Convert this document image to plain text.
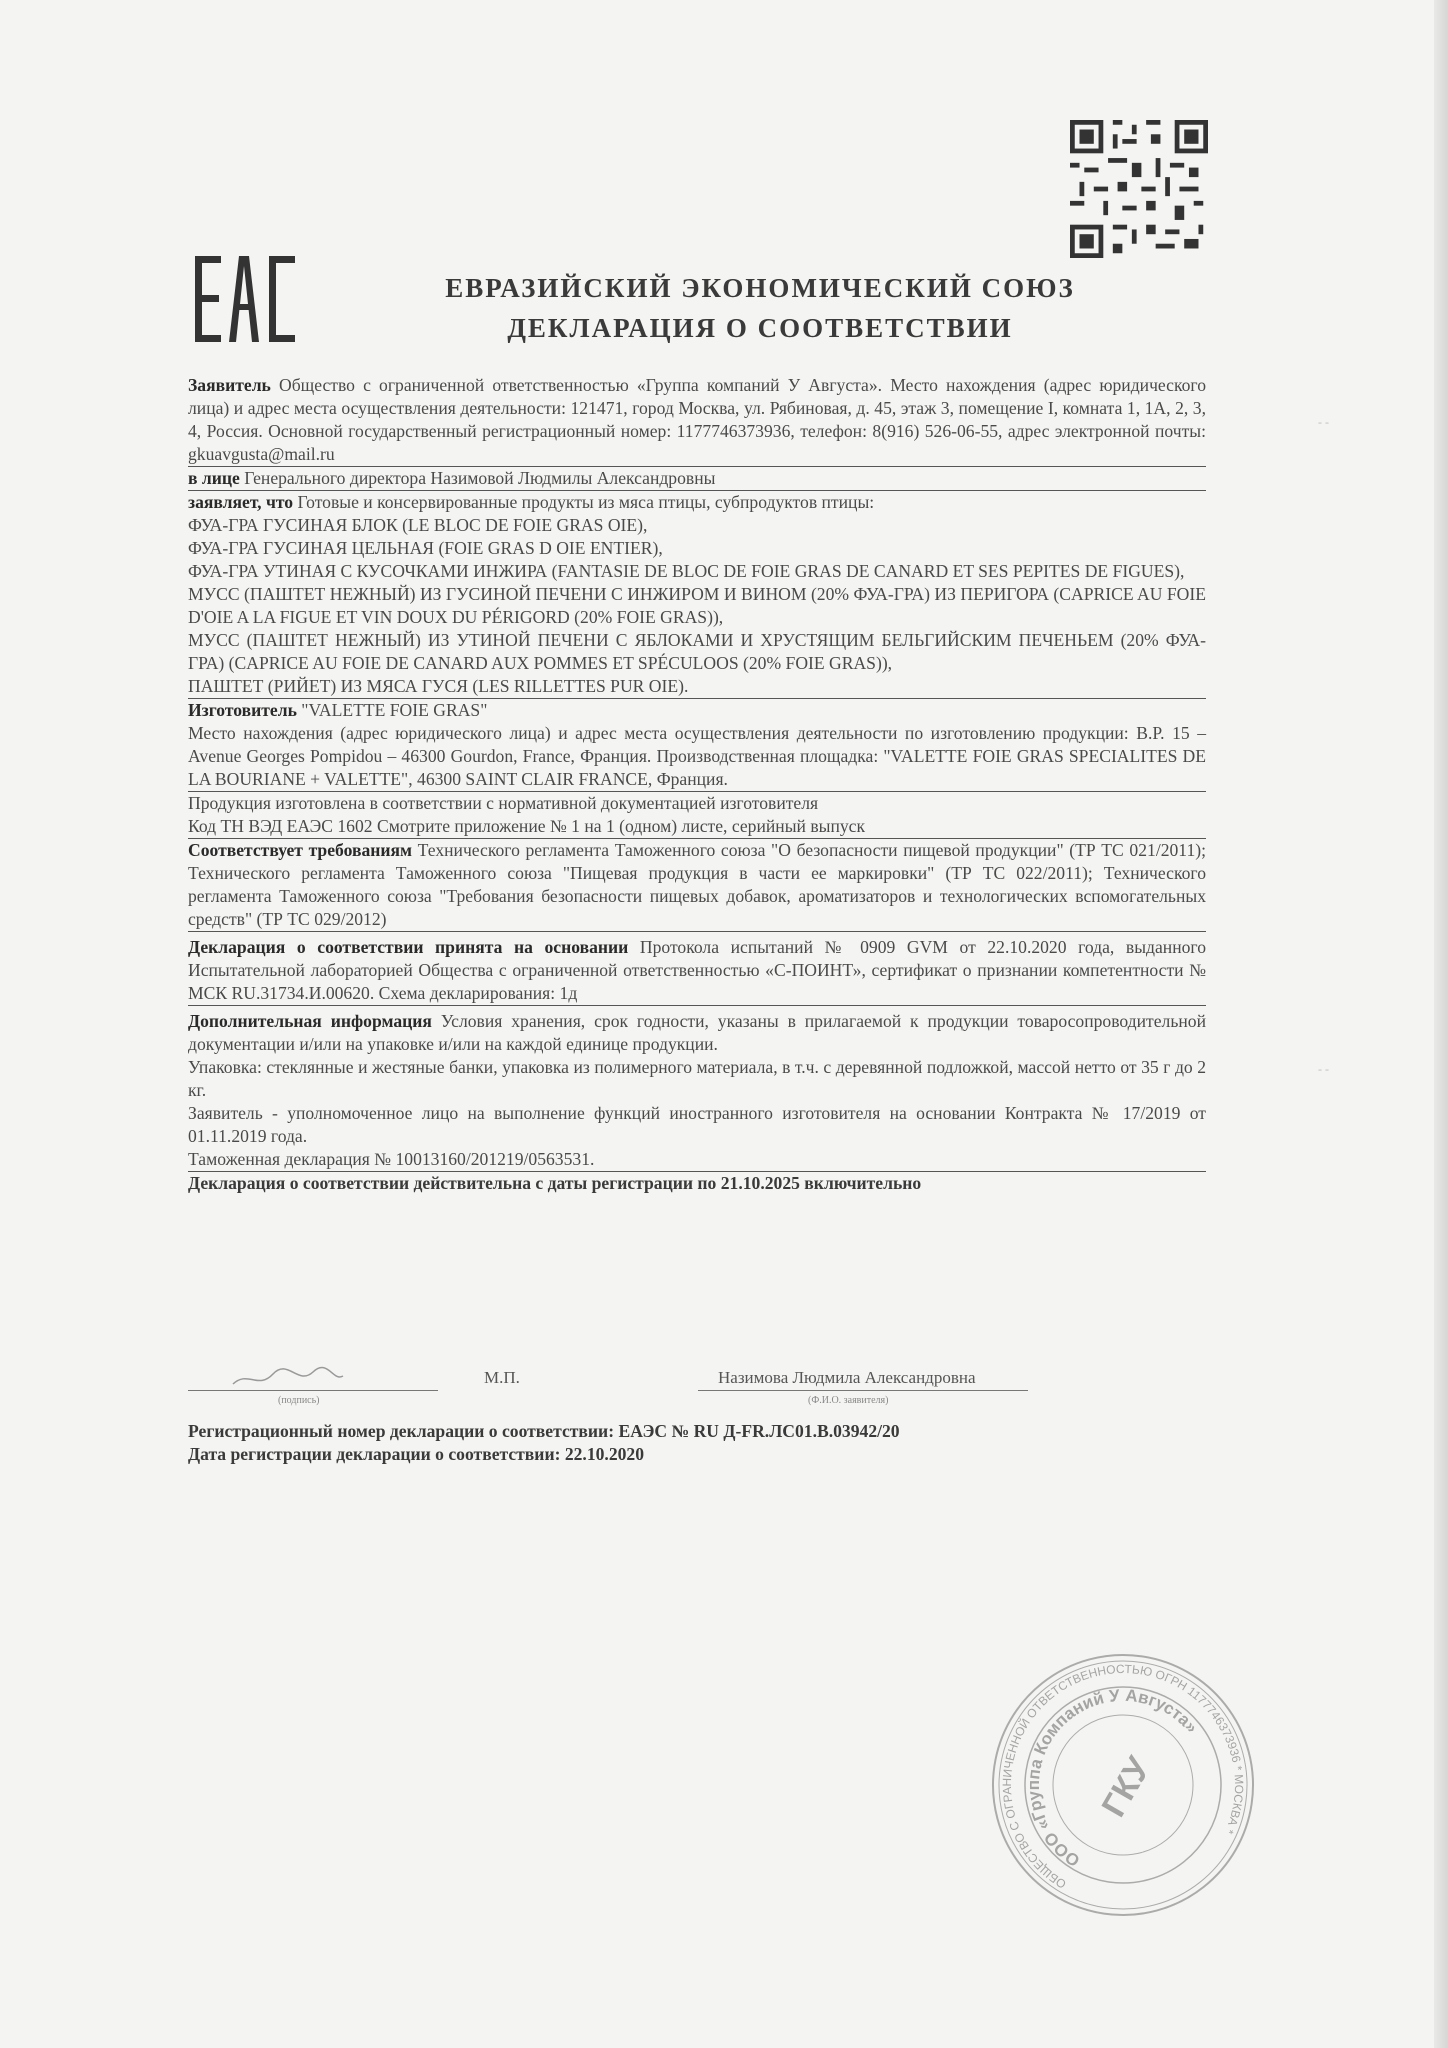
ЕВРАЗИЙСКИЙ ЭКОНОМИЧЕСКИЙ СОЮЗ
ДЕКЛАРАЦИЯ О СООТВЕТСТВИИ

Заявитель Общество с ограниченной ответственностью «Группа компаний У Августа». Место нахождения (адрес юридического лица) и адрес места осуществления деятельности: 121471, город Москва, ул. Рябиновая, д. 45, этаж 3, помещение I, комната 1, 1А, 2, 3, 4, Россия. Основной государственный регистрационный номер: 1177746373936, телефон: 8(916) 526-06-55, адрес электронной почты: gkuavgusta@mail.ru

в лице Генерального директора Назимовой Людмилы Александровны

заявляет, что Готовые и консервированные продукты из мяса птицы, субпродуктов птицы:

ФУА-ГРА ГУСИНАЯ БЛОК (LE BLOC DE FOIE GRAS OIE),

ФУА-ГРА ГУСИНАЯ ЦЕЛЬНАЯ (FOIE GRAS D OIE ENTIER),

ФУА-ГРА УТИНАЯ С КУСОЧКАМИ ИНЖИРА (FANTASIE DE BLOC DE FOIE GRAS DE CANARD ET SES PEPITES DE FIGUES),

МУСС (ПАШТЕТ НЕЖНЫЙ) ИЗ ГУСИНОЙ ПЕЧЕНИ С ИНЖИРОМ И ВИНОМ (20% ФУА-ГРА) ИЗ ПЕРИГОРА (CAPRICE AU FOIE D'OIE A LA FIGUE ET VIN DOUX DU PÉRIGORD (20% FOIE GRAS)),

МУСС (ПАШТЕТ НЕЖНЫЙ) ИЗ УТИНОЙ ПЕЧЕНИ С ЯБЛОКАМИ И ХРУСТЯЩИМ БЕЛЬГИЙСКИМ ПЕЧЕНЬЕМ (20% ФУА-ГРА) (CAPRICE AU FOIE DE CANARD AUX POMMES ET SPÉCULOOS (20% FOIE GRAS)),

ПАШТЕТ (РИЙЕТ) ИЗ МЯСА ГУСЯ (LES RILLETTES PUR OIE).

Изготовитель "VALETTE FOIE GRAS"

Место нахождения (адрес юридического лица) и адрес места осуществления деятельности по изготовлению продукции: B.P. 15 – Avenue Georges Pompidou – 46300 Gourdon, France, Франция. Производственная площадка: "VALETTE FOIE GRAS SPECIALITES DE LA BOURIANE + VALETTE", 46300 SAINT CLAIR FRANCE, Франция.

Продукция изготовлена в соответствии с нормативной документацией изготовителя

Код ТН ВЭД ЕАЭС 1602 Смотрите приложение № 1 на 1 (одном) листе, серийный выпуск

Соответствует требованиям Технического регламента Таможенного союза "О безопасности пищевой продукции" (ТР ТС 021/2011); Технического регламента Таможенного союза "Пищевая продукция в части ее маркировки" (ТР ТС 022/2011); Технического регламента Таможенного союза "Требования безопасности пищевых добавок, ароматизаторов и технологических вспомогательных средств" (ТР ТС 029/2012)

Декларация о соответствии принята на основании Протокола испытаний № 0909 GVM от 22.10.2020 года, выданного Испытательной лабораторией Общества с ограниченной ответственностью «С-ПОИНТ», сертификат о признании компетентности № МСК RU.31734.И.00620. Схема декларирования: 1д

Дополнительная информация Условия хранения, срок годности, указаны в прилагаемой к продукции товаросопроводительной документации и/или на упаковке и/или на каждой единице продукции.

Упаковка: стеклянные и жестяные банки, упаковка из полимерного материала, в т.ч. с деревянной подложкой, массой нетто от 35 г до 2 кг.

Заявитель - уполномоченное лицо на выполнение функций иностранного изготовителя на основании Контракта № 17/2019 от 01.11.2019 года.

Таможенная декларация № 10013160/201219/0563531.

Декларация о соответствии действительна с даты регистрации по 21.10.2025 включительно

(подпись)
М.П.	Назимова Людмила Александровна
(Ф.И.О. заявителя)
Регистрационный номер декларации о соответствии: ЕАЭС № RU Д-FR.ЛС01.В.03942/20
Дата регистрации декларации о соответствии: 22.10.2020
ОБЩЕСТВО С ОГРАНИЧЕННОЙ ОТВЕТСТВЕННОСТЬЮ ОГРН 1177746373936 * МОСКВА *
ООО «Группа Компаний У Августа»
ГКУ
- -
- -
